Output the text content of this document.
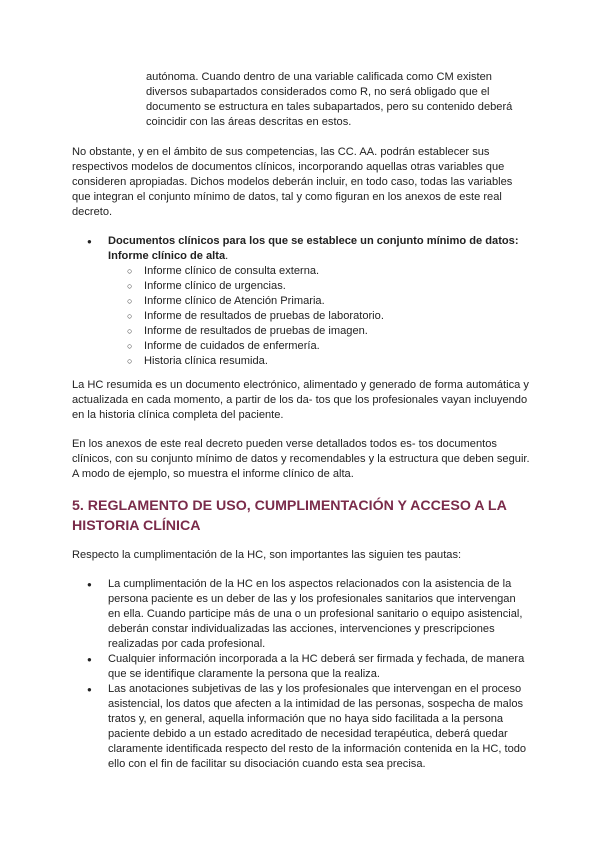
autónoma. Cuando dentro de una variable calificada como CM existen diversos subapartados considerados como R, no será obligado que el documento se estructura en tales subapartados, pero su contenido deberá coincidir con las áreas descritas en estos.

No obstante, y en el ámbito de sus competencias, las CC. AA. podrán establecer sus respectivos modelos de documentos clínicos, incorporando aquellas otras variables que consideren apropiadas. Dichos modelos deberán incluir, en todo caso, todas las variables que integran el conjunto mínimo de datos, tal y como figuran en los anexos de este real decreto.

● Documentos clínicos para los que se establece un conjunto mínimo de datos: Informe clínico de alta.
○ Informe clínico de consulta externa.
○ Informe clínico de urgencias.
○ Informe clínico de Atención Primaria.
○ Informe de resultados de pruebas de laboratorio.
○ Informe de resultados de pruebas de imagen.
○ Informe de cuidados de enfermería.
○ Historia clínica resumida.

La HC resumida es un documento electrónico, alimentado y generado de forma automática y actualizada en cada momento, a partir de los da- tos que los profesionales vayan incluyendo en la historia clínica completa del paciente.

En los anexos de este real decreto pueden verse detallados todos es- tos documentos clínicos, con su conjunto mínimo de datos y recomendables y la estructura que deben seguir. A modo de ejemplo, so muestra el informe clínico de alta.

5. REGLAMENTO DE USO, CUMPLIMENTACIÓN Y ACCESO A LA HISTORIA CLÍNICA

Respecto la cumplimentación de la HC, son importantes las siguien tes pautas:

● La cumplimentación de la HC en los aspectos relacionados con la asistencia de la persona paciente es un deber de las y los profesionales sanitarios que intervengan en ella. Cuando participe más de una o un profesional sanitario o equipo asistencial, deberán constar individualizadas las acciones, intervenciones y prescripciones realizadas por cada profesional.
● Cualquier información incorporada a la HC deberá ser firmada y fechada, de manera que se identifique claramente la persona que la realiza.
● Las anotaciones subjetivas de las y los profesionales que intervengan en el proceso asistencial, los datos que afecten a la intimidad de las personas, sospecha de malos tratos y, en general, aquella información que no haya sido facilitada a la persona paciente debido a un estado acreditado de necesidad terapéutica, deberá quedar claramente identificada respecto del resto de la información contenida en la HC, todo ello con el fin de facilitar su disociación cuando esta sea precisa.
